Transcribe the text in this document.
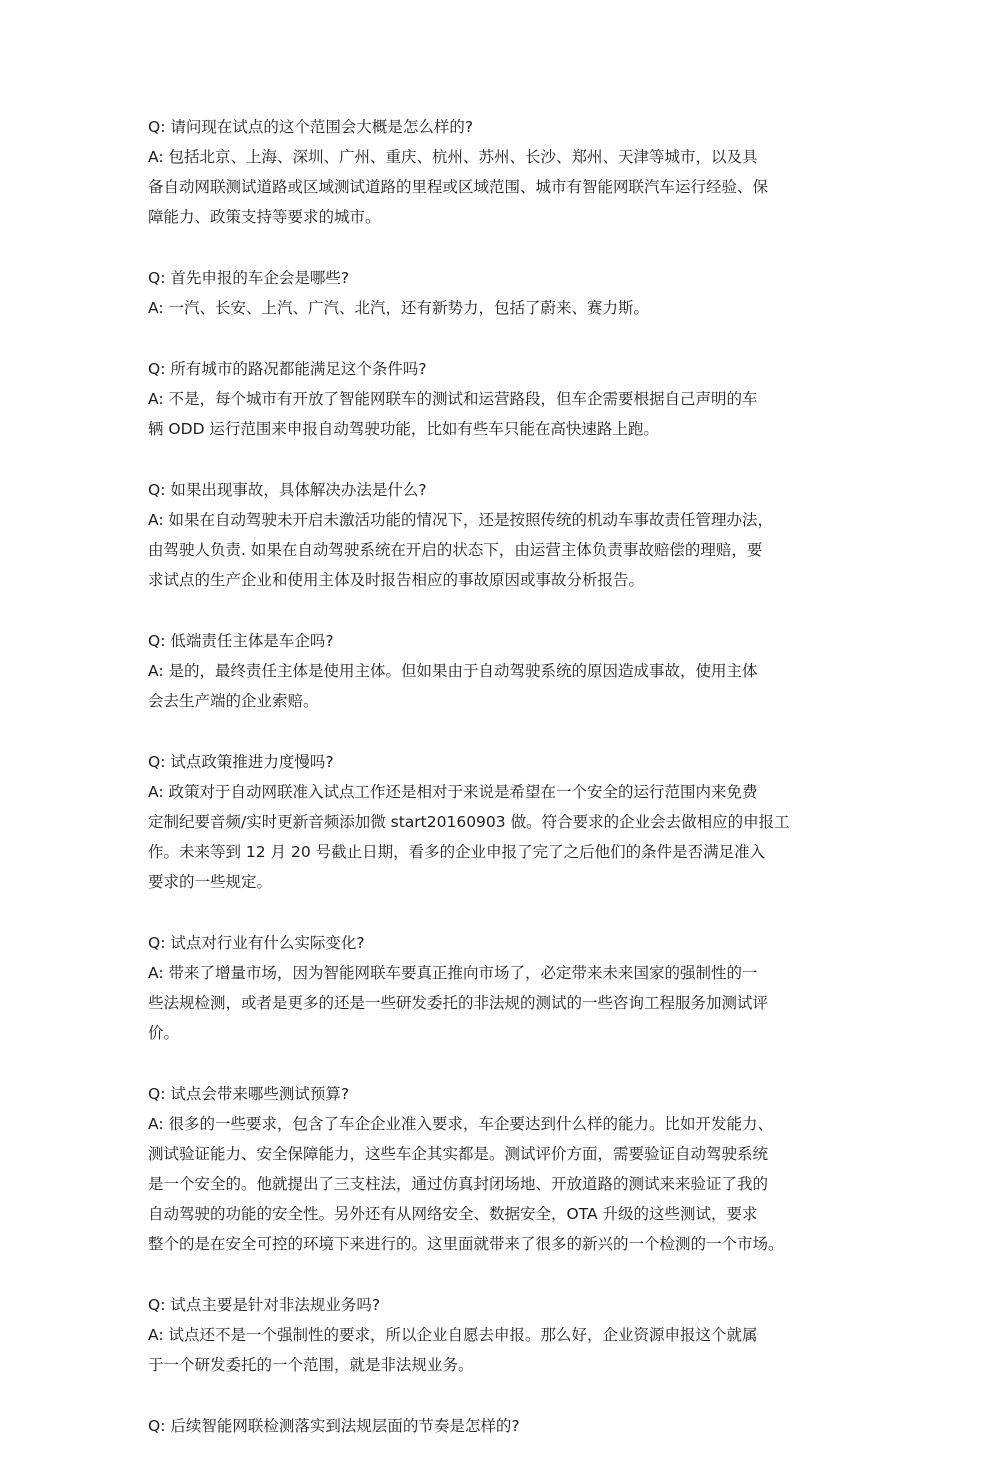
Q: 请问现在试点的这个范围会大概是怎么样的?
A: 包括北京、上海、深圳、广州、重庆、杭州、苏州、长沙、郑州、天津等城市，以及具
备自动网联测试道路或区域测试道路的里程或区域范围、城市有智能网联汽车运行经验、保
障能力、政策支持等要求的城市。
Q: 首先申报的车企会是哪些?
A: 一汽、长安、上汽、广汽、北汽，还有新势力，包括了蔚来、赛力斯。
Q: 所有城市的路况都能满足这个条件吗?
A: 不是，每个城市有开放了智能网联车的测试和运营路段，但车企需要根据自己声明的车
辆 ODD 运行范围来申报自动驾驶功能，比如有些车只能在高快速路上跑。
Q: 如果出现事故，具体解决办法是什么?
A: 如果在自动驾驶未开启未激活功能的情况下，还是按照传统的机动车事故责任管理办法，
由驾驶人负责. 如果在自动驾驶系统在开启的状态下，由运营主体负责事故赔偿的理赔，要
求试点的生产企业和使用主体及时报告相应的事故原因或事故分析报告。
Q: 低端责任主体是车企吗?
A: 是的，最终责任主体是使用主体。但如果由于自动驾驶系统的原因造成事故，使用主体
会去生产端的企业索赔。
Q: 试点政策推进力度慢吗?
A: 政策对于自动网联准入试点工作还是相对于来说是希望在一个安全的运行范围内来免费
定制纪要音频/实时更新音频添加微 start20160903 做。符合要求的企业会去做相应的申报工
作。未来等到 12 月 20 号截止日期，看多的企业申报了完了之后他们的条件是否满足准入
要求的一些规定。
Q: 试点对行业有什么实际变化?
A: 带来了增量市场，因为智能网联车要真正推向市场了，必定带来未来国家的强制性的一
些法规检测，或者是更多的还是一些研发委托的非法规的测试的一些咨询工程服务加测试评
价。
Q: 试点会带来哪些测试预算?
A: 很多的一些要求，包含了车企企业准入要求，车企要达到什么样的能力。比如开发能力、
测试验证能力、安全保障能力，这些车企其实都是。测试评价方面，需要验证自动驾驶系统
是一个安全的。他就提出了三支柱法，通过仿真封闭场地、开放道路的测试来来验证了我的
自动驾驶的功能的安全性。另外还有从网络安全、数据安全，OTA 升级的这些测试，要求
整个的是在安全可控的环境下来进行的。这里面就带来了很多的新兴的一个检测的一个市场。
Q: 试点主要是针对非法规业务吗?
A: 试点还不是一个强制性的要求，所以企业自愿去申报。那么好，企业资源申报这个就属
于一个研发委托的一个范围，就是非法规业务。
Q: 后续智能网联检测落实到法规层面的节奏是怎样的?
